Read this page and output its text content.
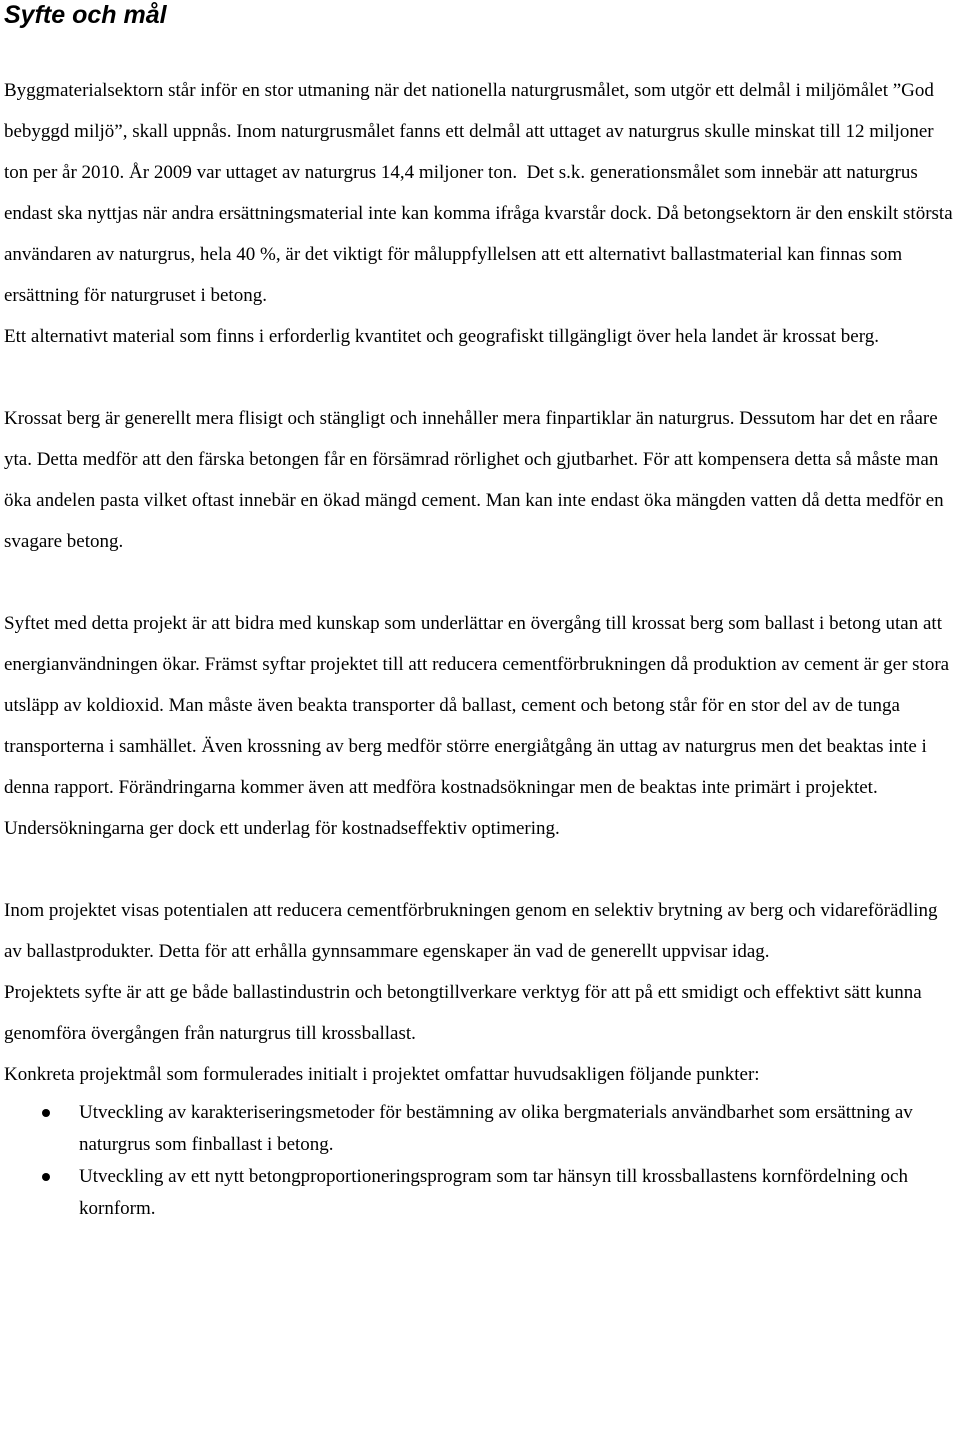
Syfte och mål

Byggmaterialsektorn står inför en stor utmaning när det nationella naturgrusmålet, som utgör ett delmål i miljömålet ”God bebyggd miljö”, skall uppnås. Inom naturgrusmålet fanns ett delmål att uttaget av naturgrus skulle minskat till 12 miljoner ton per år 2010. År 2009 var uttaget av naturgrus 14,4 miljoner ton. Det s.k. generationsmålet som innebär att naturgrus endast ska nyttjas när andra ersättningsmaterial inte kan komma ifråga kvarstår dock. Då betongsektorn är den enskilt största användaren av naturgrus, hela 40 %, är det viktigt för måluppfyllelsen att ett alternativt ballastmaterial kan finnas som ersättning för naturgruset i betong.

Ett alternativt material som finns i erforderlig kvantitet och geografiskt tillgängligt över hela landet är krossat berg.

Krossat berg är generellt mera flisigt och stängligt och innehåller mera finpartiklar än naturgrus. Dessutom har det en råare yta. Detta medför att den färska betongen får en försämrad rörlighet och gjutbarhet. För att kompensera detta så måste man öka andelen pasta vilket oftast innebär en ökad mängd cement. Man kan inte endast öka mängden vatten då detta medför en svagare betong.

Syftet med detta projekt är att bidra med kunskap som underlättar en övergång till krossat berg som ballast i betong utan att energianvändningen ökar. Främst syftar projektet till att reducera cementförbrukningen då produktion av cement är ger stora utsläpp av koldioxid. Man måste även beakta transporter då ballast, cement och betong står för en stor del av de tunga transporterna i samhället. Även krossning av berg medför större energiåtgång än uttag av naturgrus men det beaktas inte i denna rapport. Förändringarna kommer även att medföra kostnadsökningar men de beaktas inte primärt i projektet. Undersökningarna ger dock ett underlag för kostnadseffektiv optimering.

Inom projektet visas potentialen att reducera cementförbrukningen genom en selektiv brytning av berg och vidareförädling av ballastprodukter. Detta för att erhålla gynnsammare egenskaper än vad de generellt uppvisar idag.

Projektets syfte är att ge både ballastindustrin och betongtillverkare verktyg för att på ett smidigt och effektivt sätt kunna genomföra övergången från naturgrus till krossballast.

Konkreta projektmål som formulerades initialt i projektet omfattar huvudsakligen följande punkter:

Utveckling av karakteriseringsmetoder för bestämning av olika bergmaterials användbarhet som ersättning av naturgrus som finballast i betong.
Utveckling av ett nytt betongproportioneringsprogram som tar hänsyn till krossballastens kornfördelning och kornform.
